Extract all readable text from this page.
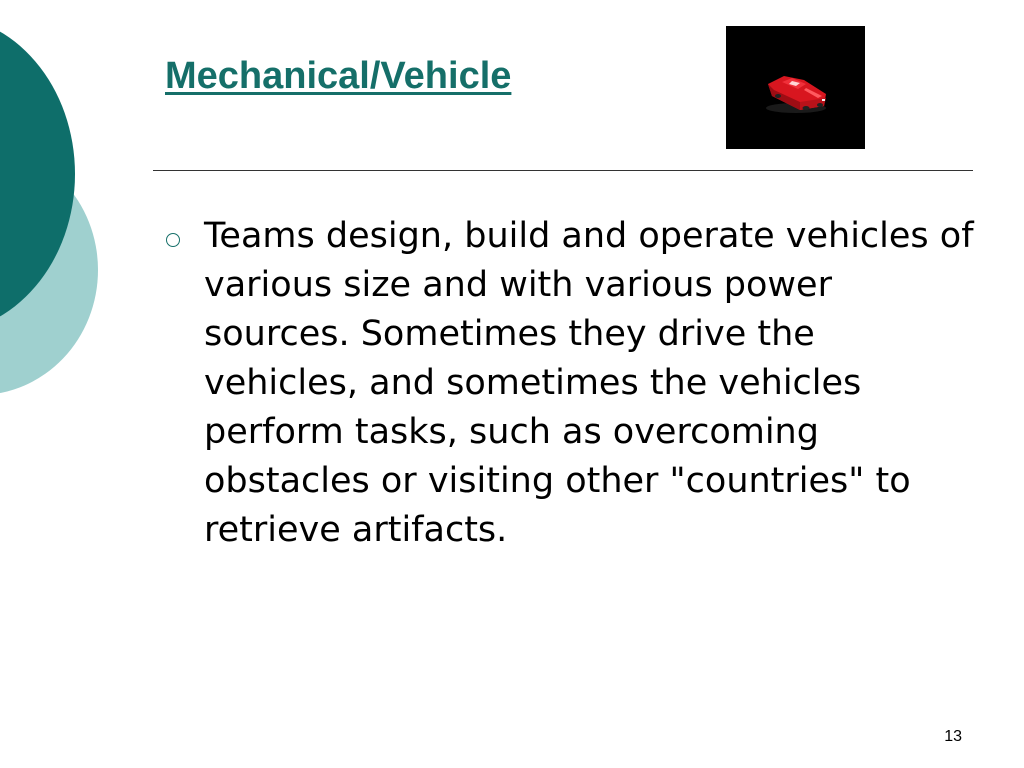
Mechanical/Vehicle
Teams design, build and operate vehicles of various size and with various power sources. Sometimes they drive the vehicles, and sometimes the vehicles perform tasks, such as overcoming obstacles or visiting other "countries" to retrieve artifacts.
13
